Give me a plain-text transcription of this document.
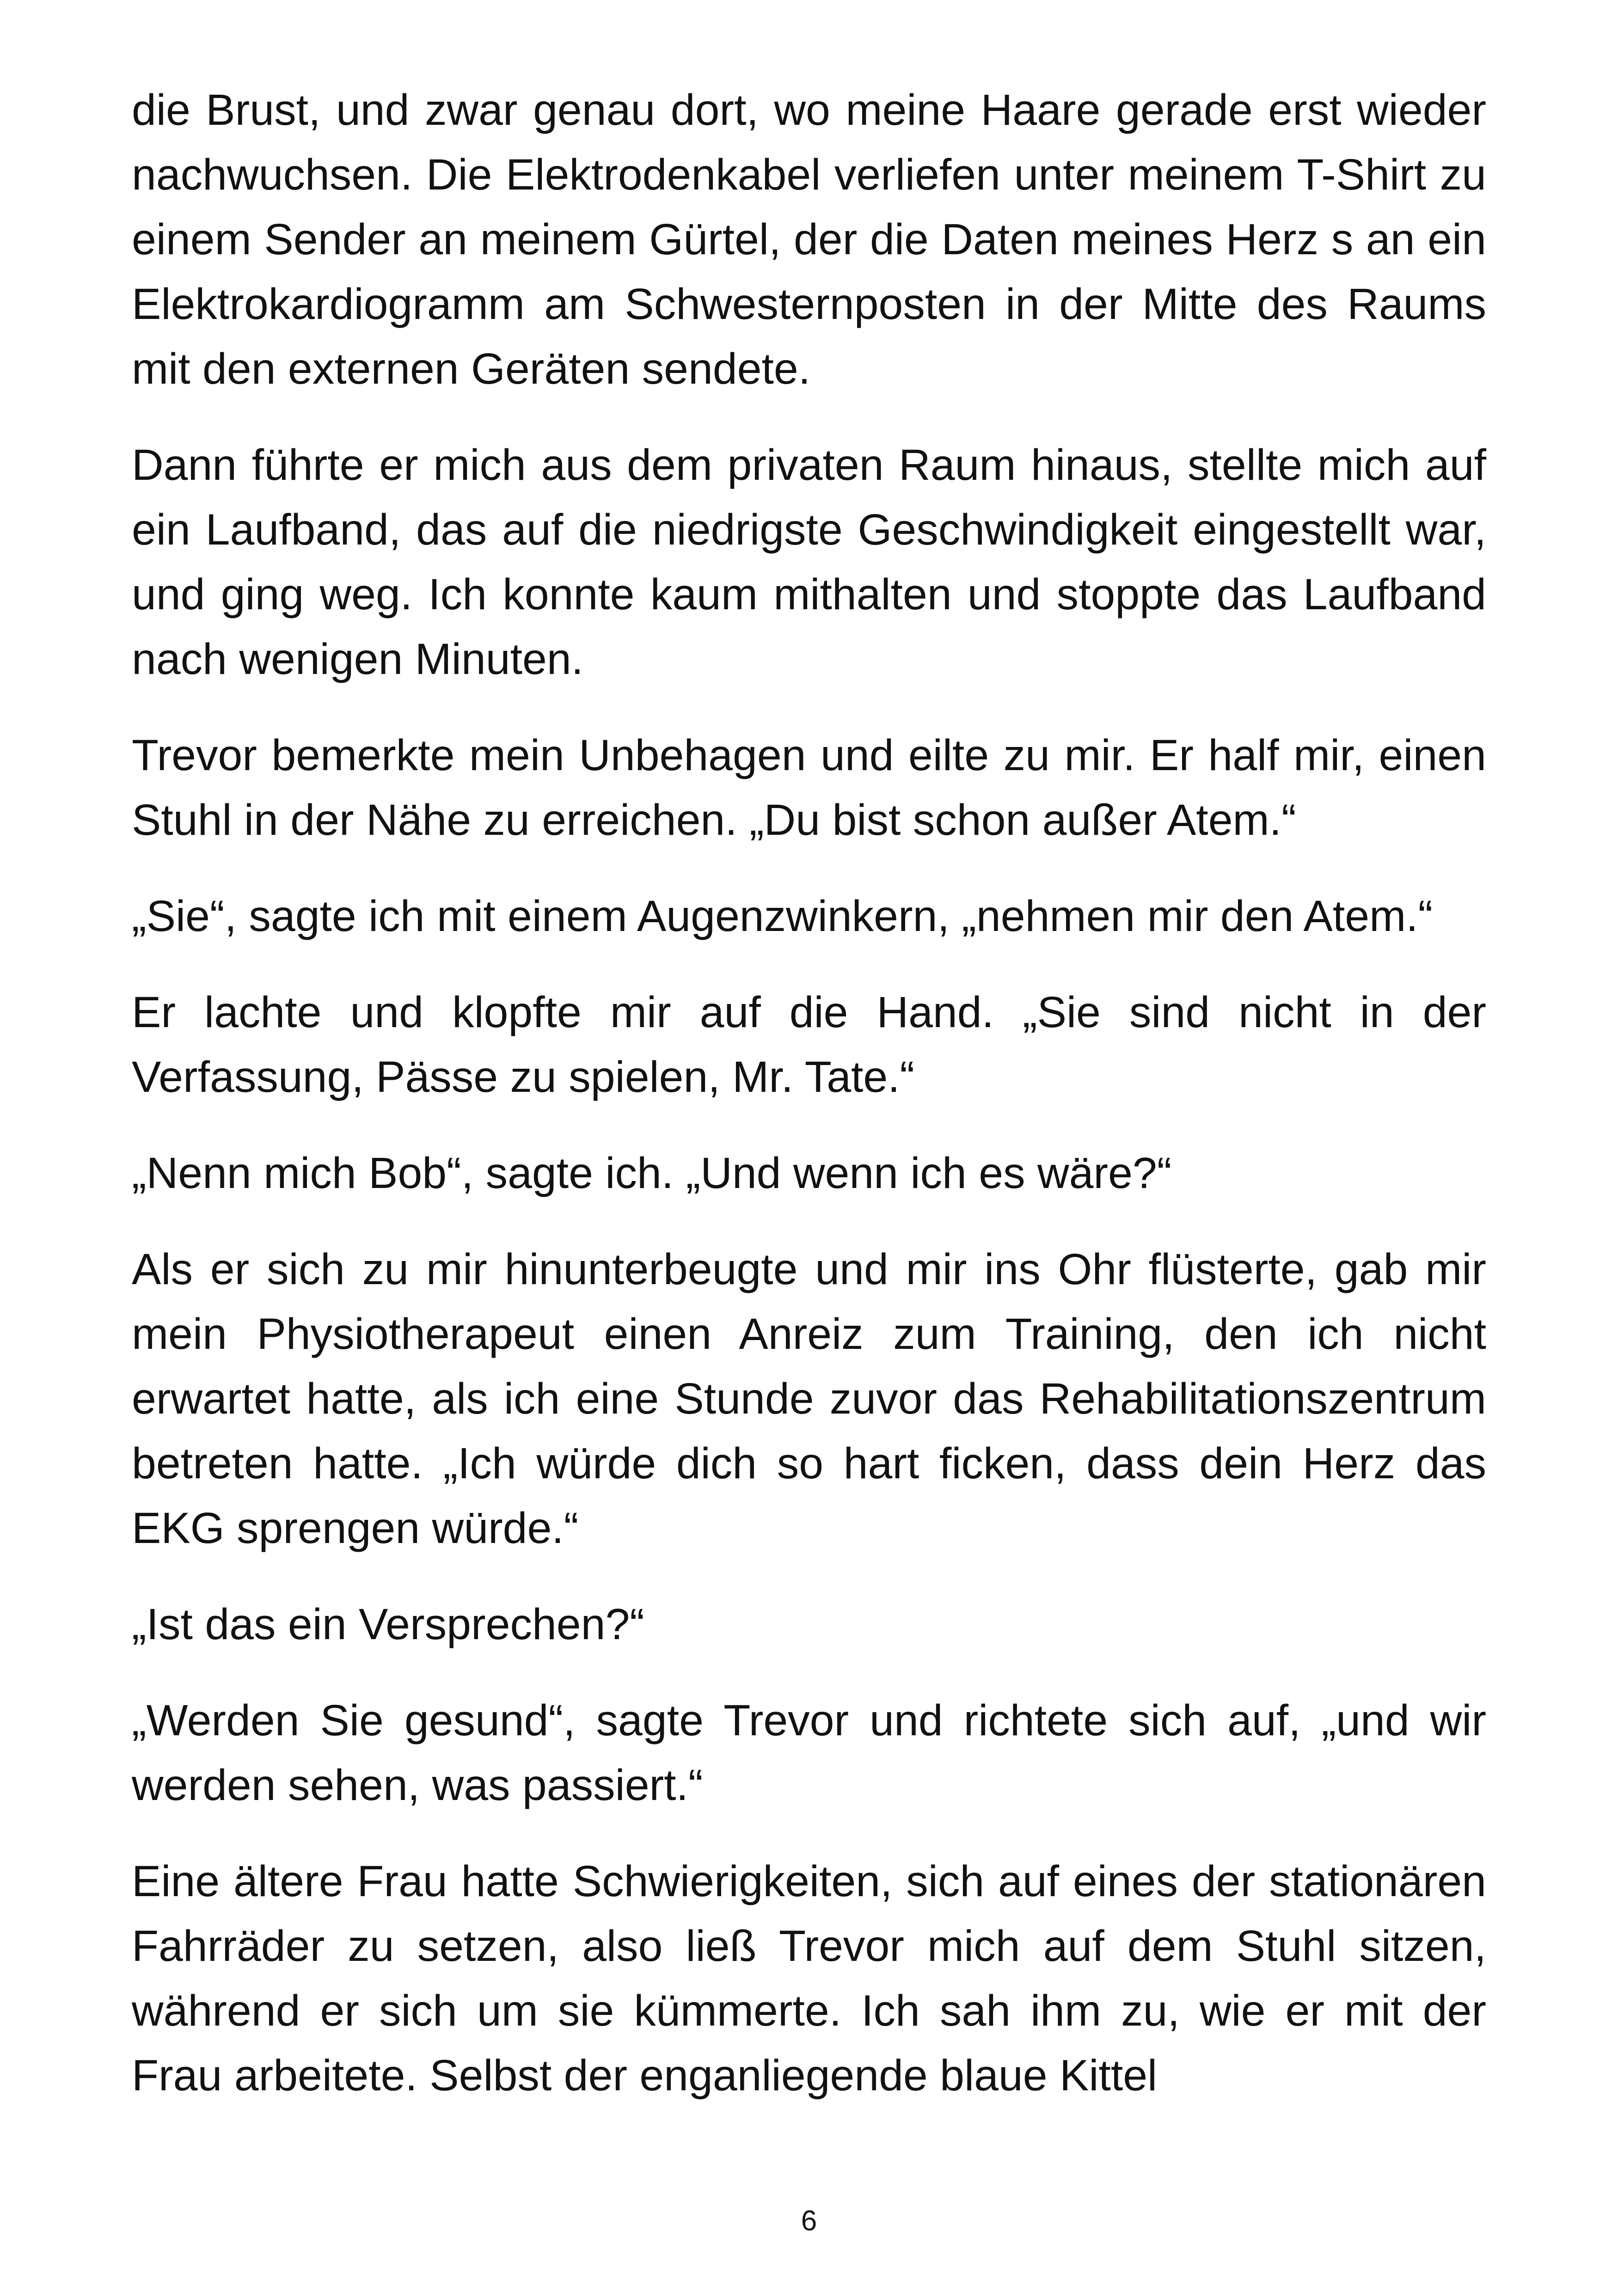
die Brust, und zwar genau dort, wo meine Haare gerade erst wieder nachwuchsen. Die Elektrodenkabel verliefen unter meinem T-Shirt zu einem Sender an meinem Gürtel, der die Daten meines Herz s an ein Elektrokardiogramm am Schwesternposten in der Mitte des Raums mit den externen Geräten sendete.

Dann führte er mich aus dem privaten Raum hinaus, stellte mich auf ein Laufband, das auf die niedrigste Geschwindigkeit eingestellt war, und ging weg. Ich konnte kaum mithalten und stoppte das Laufband nach wenigen Minuten.

Trevor bemerkte mein Unbehagen und eilte zu mir. Er half mir, einen Stuhl in der Nähe zu erreichen. „Du bist schon außer Atem.“

„Sie“, sagte ich mit einem Augenzwinkern, „nehmen mir den Atem.“

Er lachte und klopfte mir auf die Hand. „Sie sind nicht in der Verfassung, Pässe zu spielen, Mr. Tate.“

„Nenn mich Bob“, sagte ich. „Und wenn ich es wäre?“

Als er sich zu mir hinunterbeugte und mir ins Ohr flüsterte, gab mir mein Physiotherapeut einen Anreiz zum Training, den ich nicht erwartet hatte, als ich eine Stunde zuvor das Rehabilitationszentrum betreten hatte. „Ich würde dich so hart ficken, dass dein Herz das EKG sprengen würde.“

„Ist das ein Versprechen?“

„Werden Sie gesund“, sagte Trevor und richtete sich auf, „und wir werden sehen, was passiert.“

Eine ältere Frau hatte Schwierigkeiten, sich auf eines der stationären Fahrräder zu setzen, also ließ Trevor mich auf dem Stuhl sitzen, während er sich um sie kümmerte. Ich sah ihm zu, wie er mit der Frau arbeitete. Selbst der enganliegende blaue Kittel

6
